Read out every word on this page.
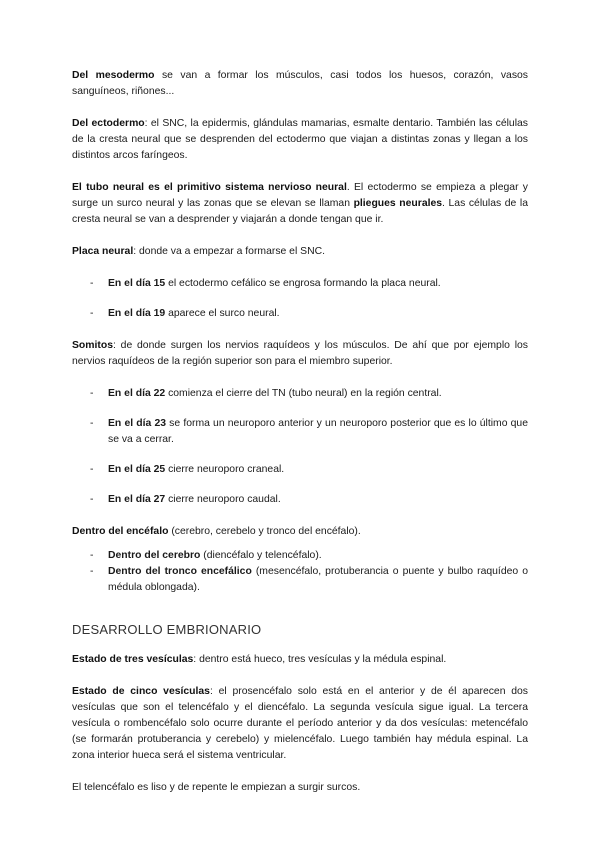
Del mesodermo se van a formar los músculos, casi todos los huesos, corazón, vasos sanguíneos, riñones...

Del ectodermo: el SNC, la epidermis, glándulas mamarias, esmalte dentario. También las células de la cresta neural que se desprenden del ectodermo que viajan a distintas zonas y llegan a los distintos arcos faríngeos.

El tubo neural es el primitivo sistema nervioso neural. El ectodermo se empieza a plegar y surge un surco neural y las zonas que se elevan se llaman pliegues neurales. Las células de la cresta neural se van a desprender y viajarán a donde tengan que ir.

Placa neural: donde va a empezar a formarse el SNC.

- En el día 15 el ectodermo cefálico se engrosa formando la placa neural.
- En el día 19 aparece el surco neural.

Somitos: de donde surgen los nervios raquídeos y los músculos. De ahí que por ejemplo los nervios raquídeos de la región superior son para el miembro superior.

- En el día 22 comienza el cierre del TN (tubo neural) en la región central.
- En el día 23 se forma un neuroporo anterior y un neuroporo posterior que es lo último que se va a cerrar.
- En el día 25 cierre neuroporo craneal.
- En el día 27 cierre neuroporo caudal.

Dentro del encéfalo (cerebro, cerebelo y tronco del encéfalo).

- Dentro del cerebro (diencéfalo y telencéfalo).
- Dentro del tronco encefálico (mesencéfalo, protuberancia o puente y bulbo raquídeo o médula oblongada).
DESARROLLO EMBRIONARIO

Estado de tres vesículas: dentro está hueco, tres vesículas y la médula espinal.

Estado de cinco vesículas: el prosencéfalo solo está en el anterior y de él aparecen dos vesículas que son el telencéfalo y el diencéfalo. La segunda vesícula sigue igual. La tercera vesícula o rombencéfalo solo ocurre durante el período anterior y da dos vesículas: metencéfalo (se formarán protuberancia y cerebelo) y mielencéfalo. Luego también hay médula espinal. La zona interior hueca será el sistema ventricular.

El telencéfalo es liso y de repente le empiezan a surgir surcos.
